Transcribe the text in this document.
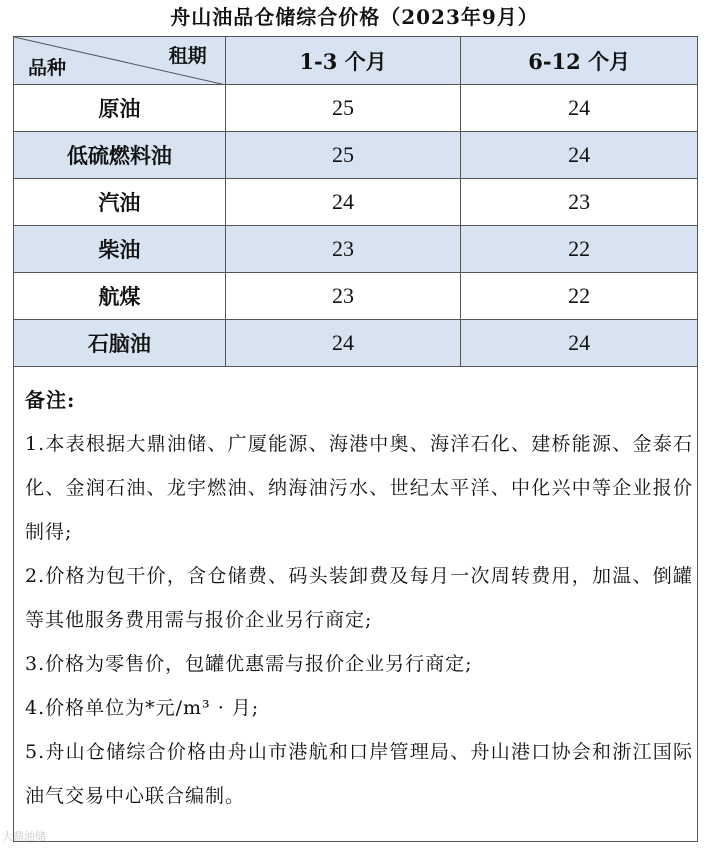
舟山油品仓储综合价格（2023年9月）
租期
品种	1-3 个月	6-12 个月
原油	25	24
低硫燃料油	25	24
汽油	24	23
柴油	23	22
航煤	23	22
石脑油	24	24
备注:

1.本表根据大鼎油储、广厦能源、海港中奥、海洋石化、建桥能源、金泰石化、金润石油、龙宇燃油、纳海油污水、世纪太平洋、中化兴中等企业报价制得;

2.价格为包干价，含仓储费、码头装卸费及每月一次周转费用，加温、倒罐等其他服务费用需与报价企业另行商定;

3.价格为零售价，包罐优惠需与报价企业另行商定;

4.价格单位为*元/m³ · 月;

5.舟山仓储综合价格由舟山市港航和口岸管理局、舟山港口协会和浙江国际油气交易中心联合编制。

大鼎油储
